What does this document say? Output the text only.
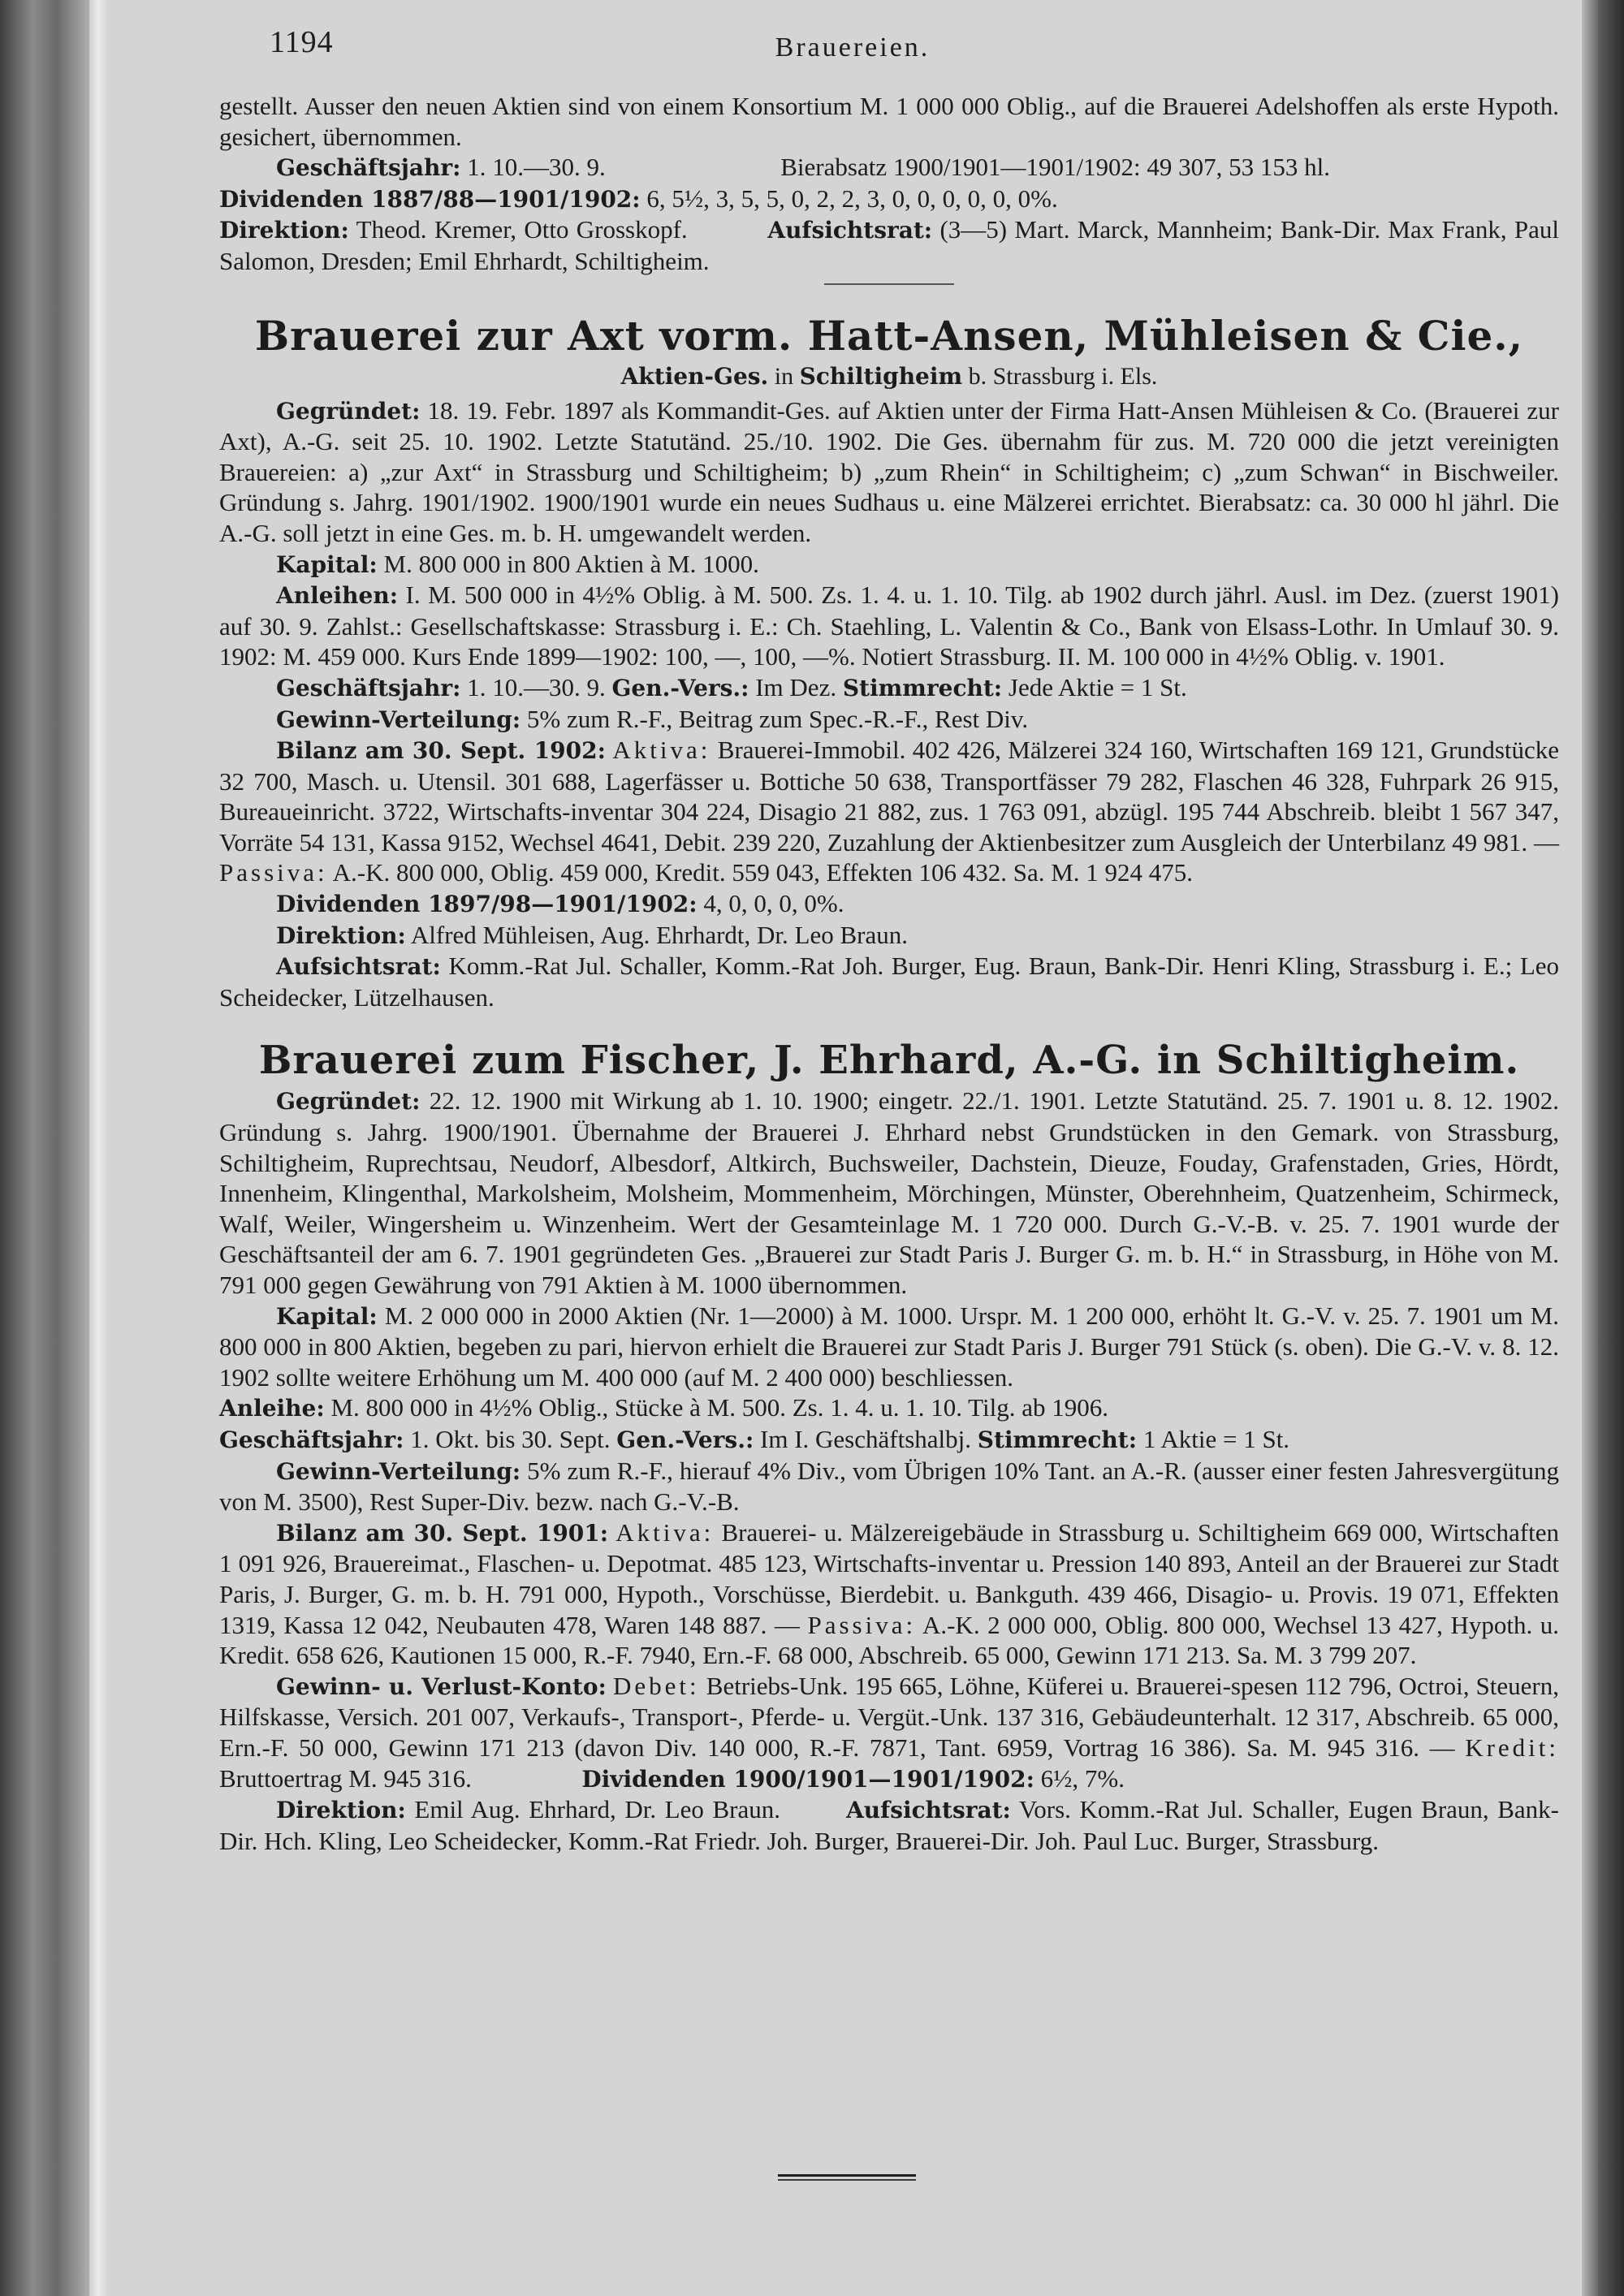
1194	Brauereien.

gestellt. Ausser den neuen Aktien sind von einem Konsortium M. 1 000 000 Oblig., auf die Brauerei Adelshoffen als erste Hypoth. gesichert, übernommen.

Geschäftsjahr: 1. 10.—30. 9.	Bierabsatz 1900/1901—1901/1902: 49 307, 53 153 hl.

Dividenden 1887/88—1901/1902: 6, 5½, 3, 5, 5, 0, 2, 2, 3, 0, 0, 0, 0, 0, 0%.

Direktion: Theod. Kremer, Otto Grosskopf.	Aufsichtsrat: (3—5) Mart. Marck, Mannheim; Bank-Dir. Max Frank, Paul Salomon, Dresden; Emil Ehrhardt, Schiltigheim.

Brauerei zur Axt vorm. Hatt-Ansen, Mühleisen & Cie.,
Aktien-Ges. in Schiltigheim b. Strassburg i. Els.

Gegründet: 18. 19. Febr. 1897 als Kommandit-Ges. auf Aktien unter der Firma Hatt-Ansen Mühleisen & Co. (Brauerei zur Axt), A.-G. seit 25. 10. 1902. Letzte Statutänd. 25./10. 1902. Die Ges. übernahm für zus. M. 720 000 die jetzt vereinigten Brauereien: a) „zur Axt“ in Strassburg und Schiltigheim; b) „zum Rhein“ in Schiltigheim; c) „zum Schwan“ in Bischweiler. Gründung s. Jahrg. 1901/1902. 1900/1901 wurde ein neues Sudhaus u. eine Mälzerei errichtet. Bierabsatz: ca. 30 000 hl jährl. Die A.-G. soll jetzt in eine Ges. m. b. H. umgewandelt werden.

Kapital: M. 800 000 in 800 Aktien à M. 1000.

Anleihen: I. M. 500 000 in 4½% Oblig. à M. 500. Zs. 1. 4. u. 1. 10. Tilg. ab 1902 durch jährl. Ausl. im Dez. (zuerst 1901) auf 30. 9. Zahlst.: Gesellschaftskasse: Strassburg i. E.: Ch. Staehling, L. Valentin & Co., Bank von Elsass-Lothr. In Umlauf 30. 9. 1902: M. 459 000. Kurs Ende 1899—1902: 100, —, 100, —%. Notiert Strassburg. II. M. 100 000 in 4½% Oblig. v. 1901.

Geschäftsjahr: 1. 10.—30. 9. Gen.-Vers.: Im Dez. Stimmrecht: Jede Aktie = 1 St.

Gewinn-Verteilung: 5% zum R.-F., Beitrag zum Spec.-R.-F., Rest Div.

Bilanz am 30. Sept. 1902: Aktiva: Brauerei-Immobil. 402 426, Mälzerei 324 160, Wirtschaften 169 121, Grundstücke 32 700, Masch. u. Utensil. 301 688, Lagerfässer u. Bottiche 50 638, Transportfässer 79 282, Flaschen 46 328, Fuhrpark 26 915, Bureaueinricht. 3722, Wirtschafts-inventar 304 224, Disagio 21 882, zus. 1 763 091, abzügl. 195 744 Abschreib. bleibt 1 567 347, Vorräte 54 131, Kassa 9152, Wechsel 4641, Debit. 239 220, Zuzahlung der Aktienbesitzer zum Ausgleich der Unterbilanz 49 981. — Passiva: A.-K. 800 000, Oblig. 459 000, Kredit. 559 043, Effekten 106 432. Sa. M. 1 924 475.

Dividenden 1897/98—1901/1902: 4, 0, 0, 0, 0%.

Direktion: Alfred Mühleisen, Aug. Ehrhardt, Dr. Leo Braun.

Aufsichtsrat: Komm.-Rat Jul. Schaller, Komm.-Rat Joh. Burger, Eug. Braun, Bank-Dir. Henri Kling, Strassburg i. E.; Leo Scheidecker, Lützelhausen.

Brauerei zum Fischer, J. Ehrhard, A.-G. in Schiltigheim.

Gegründet: 22. 12. 1900 mit Wirkung ab 1. 10. 1900; eingetr. 22./1. 1901. Letzte Statutänd. 25. 7. 1901 u. 8. 12. 1902. Gründung s. Jahrg. 1900/1901. Übernahme der Brauerei J. Ehrhard nebst Grundstücken in den Gemark. von Strassburg, Schiltigheim, Ruprechtsau, Neudorf, Albesdorf, Altkirch, Buchsweiler, Dachstein, Dieuze, Fouday, Grafenstaden, Gries, Hördt, Innenheim, Klingenthal, Markolsheim, Molsheim, Mommenheim, Mörchingen, Münster, Oberehnheim, Quatzenheim, Schirmeck, Walf, Weiler, Wingersheim u. Winzenheim. Wert der Gesamteinlage M. 1 720 000. Durch G.-V.-B. v. 25. 7. 1901 wurde der Geschäftsanteil der am 6. 7. 1901 gegründeten Ges. „Brauerei zur Stadt Paris J. Burger G. m. b. H.“ in Strassburg, in Höhe von M. 791 000 gegen Gewährung von 791 Aktien à M. 1000 übernommen.

Kapital: M. 2 000 000 in 2000 Aktien (Nr. 1—2000) à M. 1000. Urspr. M. 1 200 000, erhöht lt. G.-V. v. 25. 7. 1901 um M. 800 000 in 800 Aktien, begeben zu pari, hiervon erhielt die Brauerei zur Stadt Paris J. Burger 791 Stück (s. oben). Die G.-V. v. 8. 12. 1902 sollte weitere Erhöhung um M. 400 000 (auf M. 2 400 000) beschliessen.

Anleihe: M. 800 000 in 4½% Oblig., Stücke à M. 500. Zs. 1. 4. u. 1. 10. Tilg. ab 1906.

Geschäftsjahr: 1. Okt. bis 30. Sept. Gen.-Vers.: Im I. Geschäftshalbj. Stimmrecht: 1 Aktie = 1 St.

Gewinn-Verteilung: 5% zum R.-F., hierauf 4% Div., vom Übrigen 10% Tant. an A.-R. (ausser einer festen Jahresvergütung von M. 3500), Rest Super-Div. bezw. nach G.-V.-B.

Bilanz am 30. Sept. 1901: Aktiva: Brauerei- u. Mälzereigebäude in Strassburg u. Schiltigheim 669 000, Wirtschaften 1 091 926, Brauereimat., Flaschen- u. Depotmat. 485 123, Wirtschafts-inventar u. Pression 140 893, Anteil an der Brauerei zur Stadt Paris, J. Burger, G. m. b. H. 791 000, Hypoth., Vorschüsse, Bierdebit. u. Bankguth. 439 466, Disagio- u. Provis. 19 071, Effekten 1319, Kassa 12 042, Neubauten 478, Waren 148 887. — Passiva: A.-K. 2 000 000, Oblig. 800 000, Wechsel 13 427, Hypoth. u. Kredit. 658 626, Kautionen 15 000, R.-F. 7940, Ern.-F. 68 000, Abschreib. 65 000, Gewinn 171 213. Sa. M. 3 799 207.

Gewinn- u. Verlust-Konto: Debet: Betriebs-Unk. 195 665, Löhne, Küferei u. Brauerei-spesen 112 796, Octroi, Steuern, Hilfskasse, Versich. 201 007, Verkaufs-, Transport-, Pferde- u. Vergüt.-Unk. 137 316, Gebäudeunterhalt. 12 317, Abschreib. 65 000, Ern.-F. 50 000, Gewinn 171 213 (davon Div. 140 000, R.-F. 7871, Tant. 6959, Vortrag 16 386). Sa. M. 945 316. — Kredit: Bruttoertrag M. 945 316.	Dividenden 1900/1901—1901/1902: 6½, 7%.

Direktion: Emil Aug. Ehrhard, Dr. Leo Braun.	Aufsichtsrat: Vors. Komm.-Rat Jul. Schaller, Eugen Braun, Bank-Dir. Hch. Kling, Leo Scheidecker, Komm.-Rat Friedr. Joh. Burger, Brauerei-Dir. Joh. Paul Luc. Burger, Strassburg.
